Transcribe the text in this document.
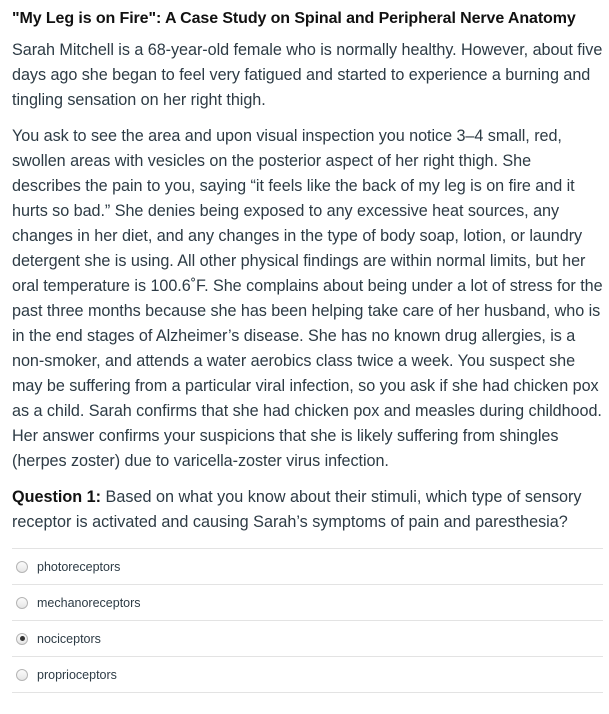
"My Leg is on Fire": A Case Study on Spinal and Peripheral Nerve Anatomy

Sarah Mitchell is a 68-year-old female who is normally healthy. However, about five days ago she began to feel very fatigued and started to experience a burning and tingling sensation on her right thigh.

You ask to see the area and upon visual inspection you notice 3–4 small, red, swollen areas with vesicles on the posterior aspect of her right thigh. She describes the pain to you, saying “it feels like the back of my leg is on fire and it hurts so bad.” She denies being exposed to any excessive heat sources, any changes in her diet, and any changes in the type of body soap, lotion, or laundry detergent she is using. All other physical findings are within normal limits, but her oral temperature is 100.6˚F. She complains about being under a lot of stress for the past three months because she has been helping take care of her husband, who is in the end stages of Alzheimer’s disease. She has no known drug allergies, is a non-smoker, and attends a water aerobics class twice a week. You suspect she may be suffering from a particular viral infection, so you ask if she had chicken pox as a child. Sarah confirms that she had chicken pox and measles during childhood. Her answer confirms your suspicions that she is likely suffering from shingles (herpes zoster) due to varicella-zoster virus infection.

Question 1: Based on what you know about their stimuli, which type of sensory receptor is activated and causing Sarah’s symptoms of pain and paresthesia?

photoreceptors
mechanoreceptors
nociceptors
proprioceptors
